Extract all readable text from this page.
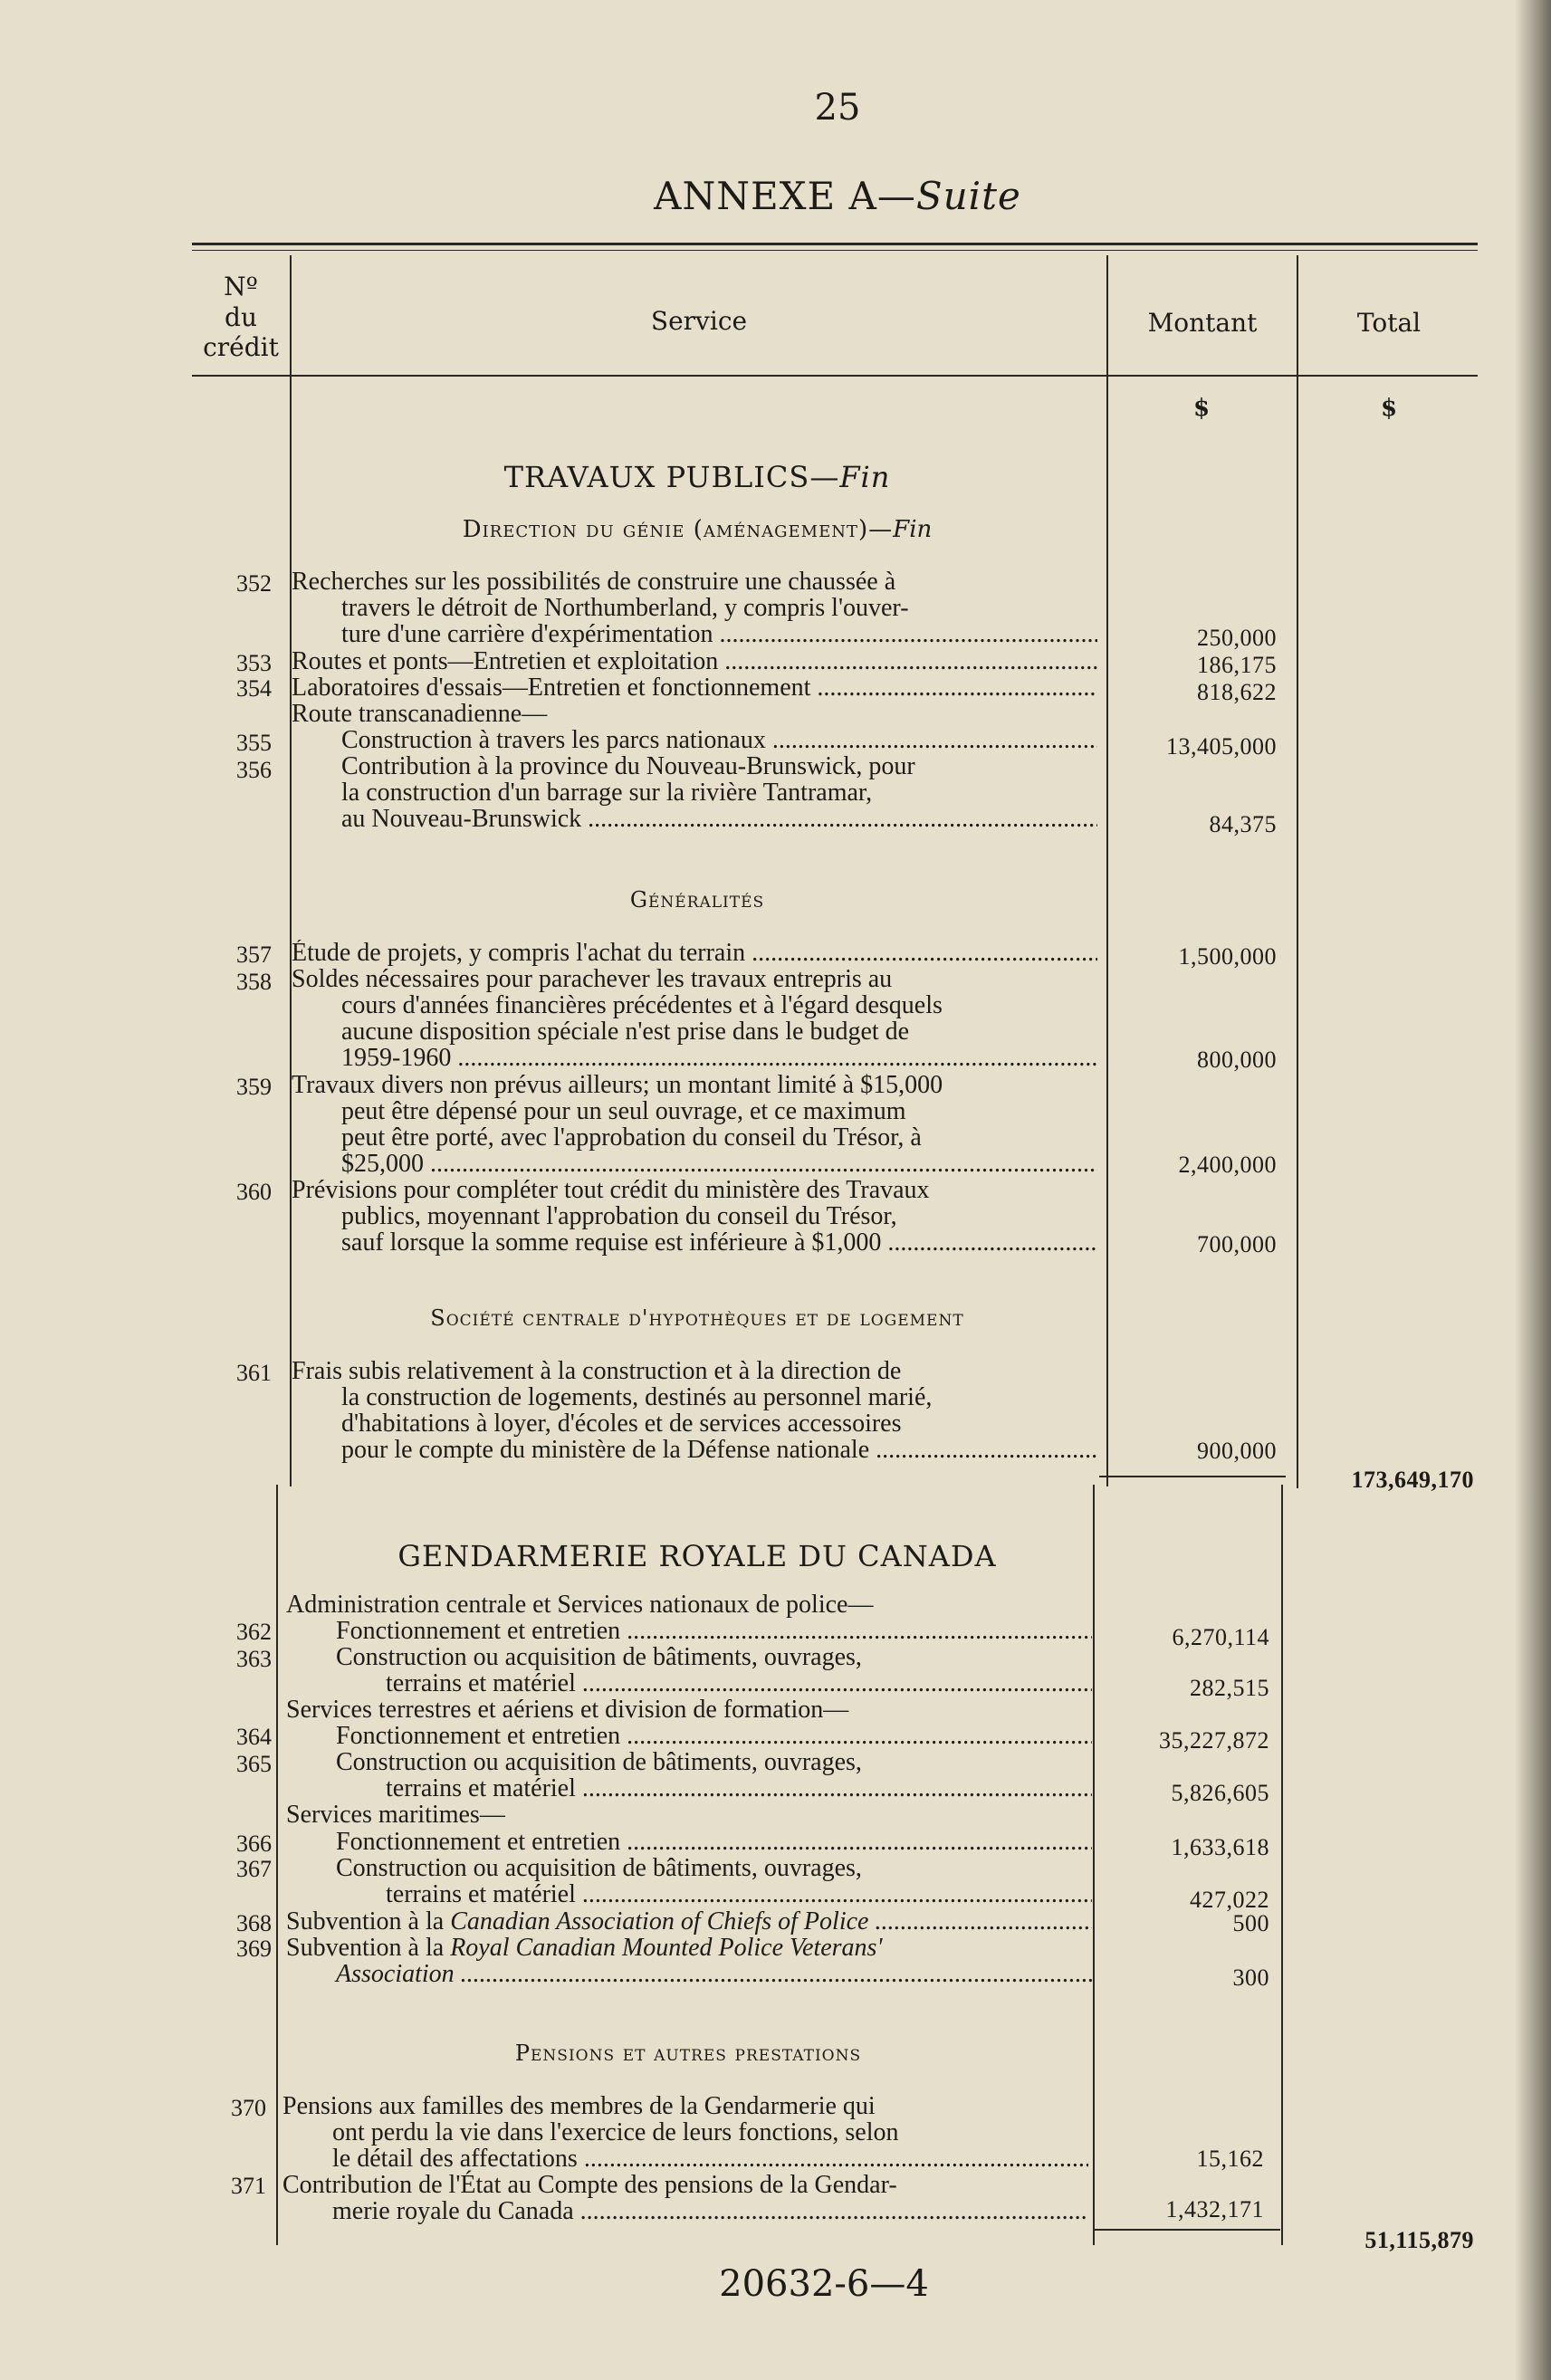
25
ANNEXE A—Suite
Nº
du
crédit
Service	Montant	Total
$	$
TRAVAUX PUBLICS—Fin
Direction du génie (aménagement)—Fin
352 Recherches sur les possibilités de construire une chaussée à
travers le détroit de Northumberland, y compris l'ouver-
ture d'une carrière d'expérimentation .....	250,000
353 Routes et ponts—Entretien et exploitation .....	186,175
354 Laboratoires d'essais—Entretien et fonctionnement .....	818,622
Route transcanadienne—
355	Construction à travers les parcs nationaux .....	13,405,000
356	Contribution à la province du Nouveau-Brunswick, pour
la construction d'un barrage sur la rivière Tantramar,
au Nouveau-Brunswick .....	84,375
Généralités
357 Étude de projets, y compris l'achat du terrain .....	1,500,000
358 Soldes nécessaires pour parachever les travaux entrepris au
cours d'années financières précédentes et à l'égard desquels
aucune disposition spéciale n'est prise dans le budget de
1959-1960 .....	800,000
359 Travaux divers non prévus ailleurs; un montant limité à $15,000
peut être dépensé pour un seul ouvrage, et ce maximum
peut être porté, avec l'approbation du conseil du Trésor, à
$25,000 .....	2,400,000
360 Prévisions pour compléter tout crédit du ministère des Travaux
publics, moyennant l'approbation du conseil du Trésor,
sauf lorsque la somme requise est inférieure à $1,000 .....	700,000
Société centrale d'hypothèques et de logement
361 Frais subis relativement à la construction et à la direction de
la construction de logements, destinés au personnel marié,
d'habitations à loyer, d'écoles et de services accessoires
pour le compte du ministère de la Défense nationale .....	900,000
173,649,170
GENDARMERIE ROYALE DU CANADA
Administration centrale et Services nationaux de police—
362	Fonctionnement et entretien .....	6,270,114
363	Construction ou acquisition de bâtiments, ouvrages,
terrains et matériel .....	282,515
Services terrestres et aériens et division de formation—
364	Fonctionnement et entretien .....	35,227,872
365	Construction ou acquisition de bâtiments, ouvrages,
terrains et matériel .....	5,826,605
Services maritimes—
366	Fonctionnement et entretien .....	1,633,618
367	Construction ou acquisition de bâtiments, ouvrages,
terrains et matériel .....	427,022
368 Subvention à la Canadian Association of Chiefs of Police .....	500
369 Subvention à la Royal Canadian Mounted Police Veterans'
Association .....	300
Pensions et autres prestations
370 Pensions aux familles des membres de la Gendarmerie qui
ont perdu la vie dans l'exercice de leurs fonctions, selon
le détail des affectations .....	15,162
371 Contribution de l'État au Compte des pensions de la Gendar-
merie royale du Canada .....	1,432,171
51,115,879
20632-6—4
